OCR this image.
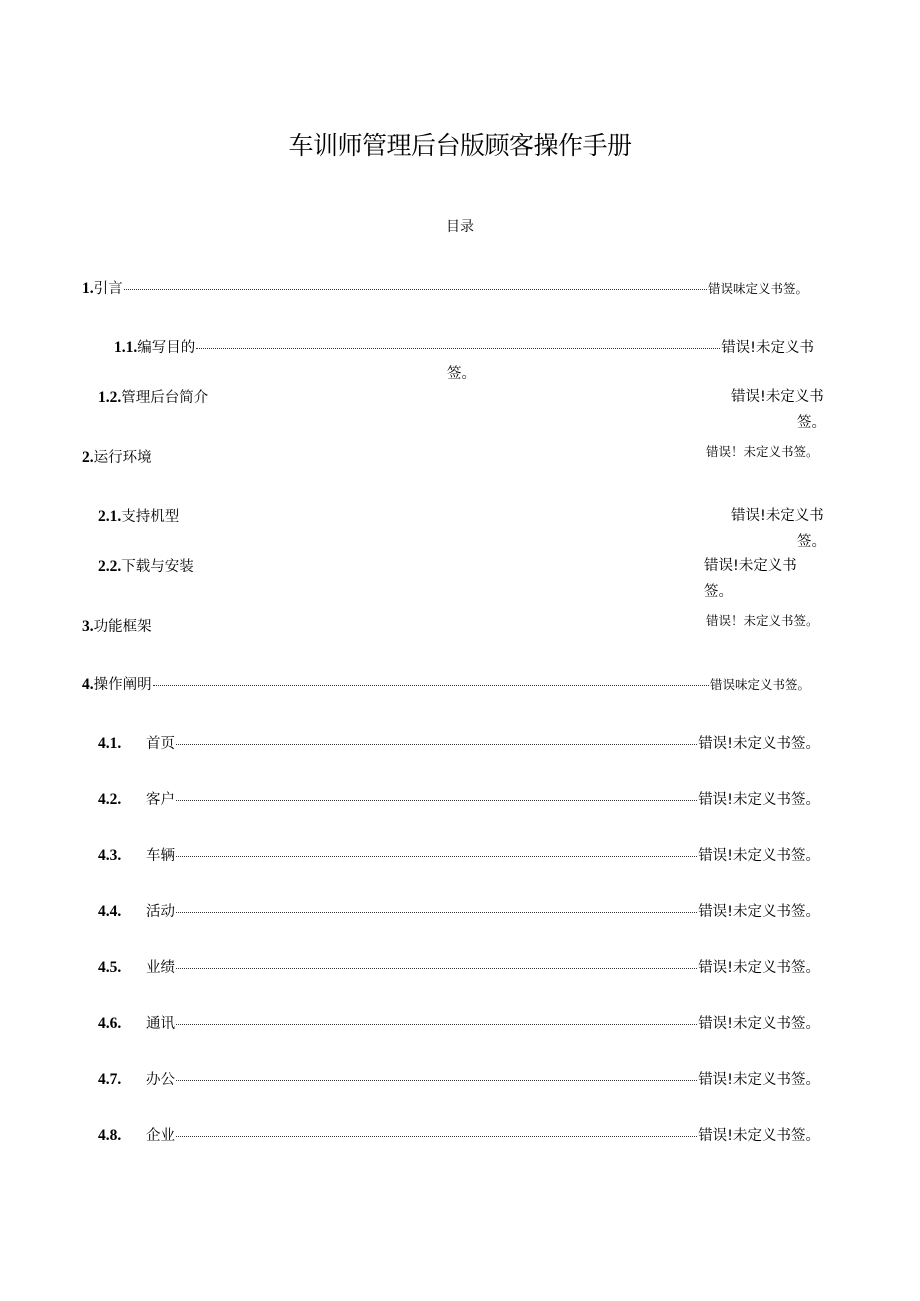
车训师管理后台版顾客操作手册
目录
1. 引言	错误味定义书签。
1.1. 编写目的	错误!未定义书
签。
1.2.管理后台简介	错误!未定义书
签。
2.运行环境	错误！未定义书签。
2.1.支持机型	错误!未定义书
签。
2.2.下载与安装	错误!未定义书
签。
3.功能框架	错误！未定义书签。
4. 操作阐明	错误味定义书签。
4.1.	首页	错误!未定义书签。
4.2.	客户	错误!未定义书签。
4.3.	车辆	错误!未定义书签。
4.4.	活动	错误!未定义书签。
4.5.	业绩	错误!未定义书签。
4.6.	通讯	错误!未定义书签。
4.7.	办公	错误!未定义书签。
4.8.	企业	错误!未定义书签。
